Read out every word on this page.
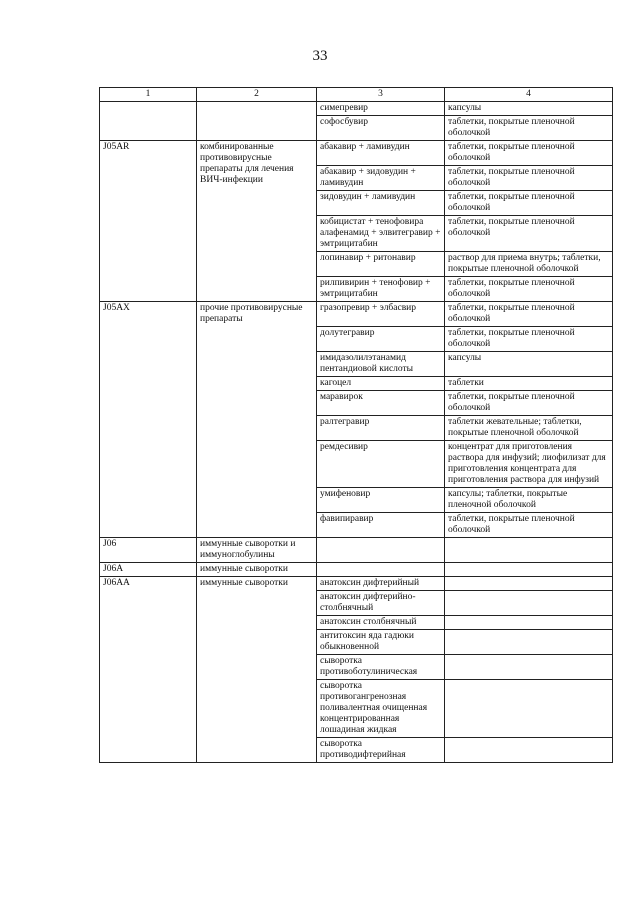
33
1	2	3	4
		симепревир	капсулы
		софосбувир	таблетки, покрытые пленочной оболочкой
J05AR	комбинированные противовирусные препараты для лечения ВИЧ-инфекции	абакавир + ламивудин	таблетки, покрытые пленочной оболочкой
		абакавир + зидовудин + ламивудин	таблетки, покрытые пленочной оболочкой
		зидовудин + ламивудин	таблетки, покрытые пленочной оболочкой
		кобицистат + тенофовира алафенамид + элвитегравир + эмтрицитабин	таблетки, покрытые пленочной оболочкой
		лопинавир + ритонавир	раствор для приема внутрь; таблетки, покрытые пленочной оболочкой
		рилпивирин + тенофовир + эмтрицитабин	таблетки, покрытые пленочной оболочкой
J05AX	прочие противовирусные препараты	гразопревир + элбасвир	таблетки, покрытые пленочной оболочкой
		долутегравир	таблетки, покрытые пленочной оболочкой
		имидазолилэтанамид пентандиовой кислоты	капсулы
		кагоцел	таблетки
		маравирок	таблетки, покрытые пленочной оболочкой
		ралтегравир	таблетки жевательные; таблетки, покрытые пленочной оболочкой
		ремдесивир	концентрат для приготовления раствора для инфузий; лиофилизат для приготовления концентрата для приготовления раствора для инфузий
		умифеновир	капсулы; таблетки, покрытые пленочной оболочкой
		фавипиравир	таблетки, покрытые пленочной оболочкой
J06	иммунные сыворотки и иммуноглобулины		
J06A	иммунные сыворотки		
J06AA	иммунные сыворотки	анатоксин дифтерийный	
		анатоксин дифтерийно-столбнячный	
		анатоксин столбнячный	
		антитоксин яда гадюки обыкновенной	
		сыворотка противоботулиническая	
		сыворотка противогангренозная поливалентная очищенная концентрированная лошадиная жидкая	
		сыворотка противодифтерийная	
